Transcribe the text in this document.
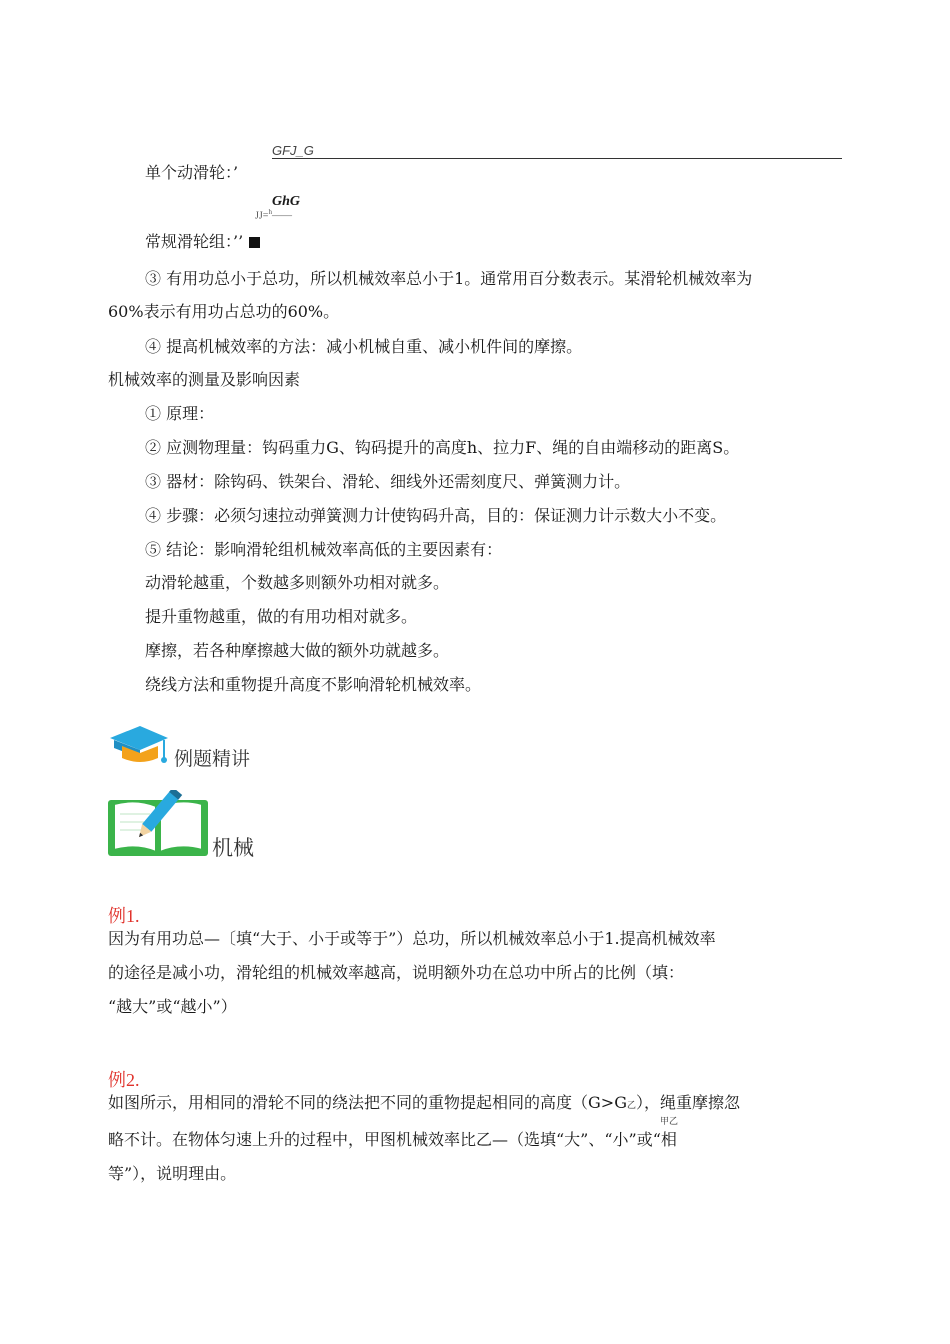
GFJ_G
单个动滑轮：’
GhG
JJ=$^h$——
常规滑轮组：’’
③ 有用功总小于总功，所以机械效率总小于1。通常用百分数表示。某滑轮机械效率为
60%表示有用功占总功的60%。
④ 提高机械效率的方法：减小机械自重、减小机件间的摩擦。
机械效率的测量及影响因素
① 原理：
② 应测物理量：钩码重力G、钩码提升的高度h、拉力F、绳的自由端移动的距离S。
③ 器材：除钩码、铁架台、滑轮、细线外还需刻度尺、弹簧测力计。
④ 步骤：必须匀速拉动弹簧测力计使钩码升高，目的：保证测力计示数大小不变。
⑤ 结论：影响滑轮组机械效率高低的主要因素有：
动滑轮越重，个数越多则额外功相对就多。
提升重物越重，做的有用功相对就多。
摩擦，若各种摩擦越大做的额外功就越多。
绕线方法和重物提升高度不影响滑轮机械效率。
例题精讲
机械
例1.
因为有用功总—〔填“大于、小于或等于”）总功，所以机械效率总小于1.提高机械效率
的途径是减小功，滑轮组的机械效率越高，说明额外功在总功中所占的比例（填：
“越大”或“越小”）
例2.
如图所示，用相同的滑轮不同的绕法把不同的重物提起相同的高度（G>G乙），绳重摩擦忽
甲乙
略不计。在物体匀速上升的过程中，甲图机械效率比乙—（选填“大”、“小”或“相
等”），说明理由。
